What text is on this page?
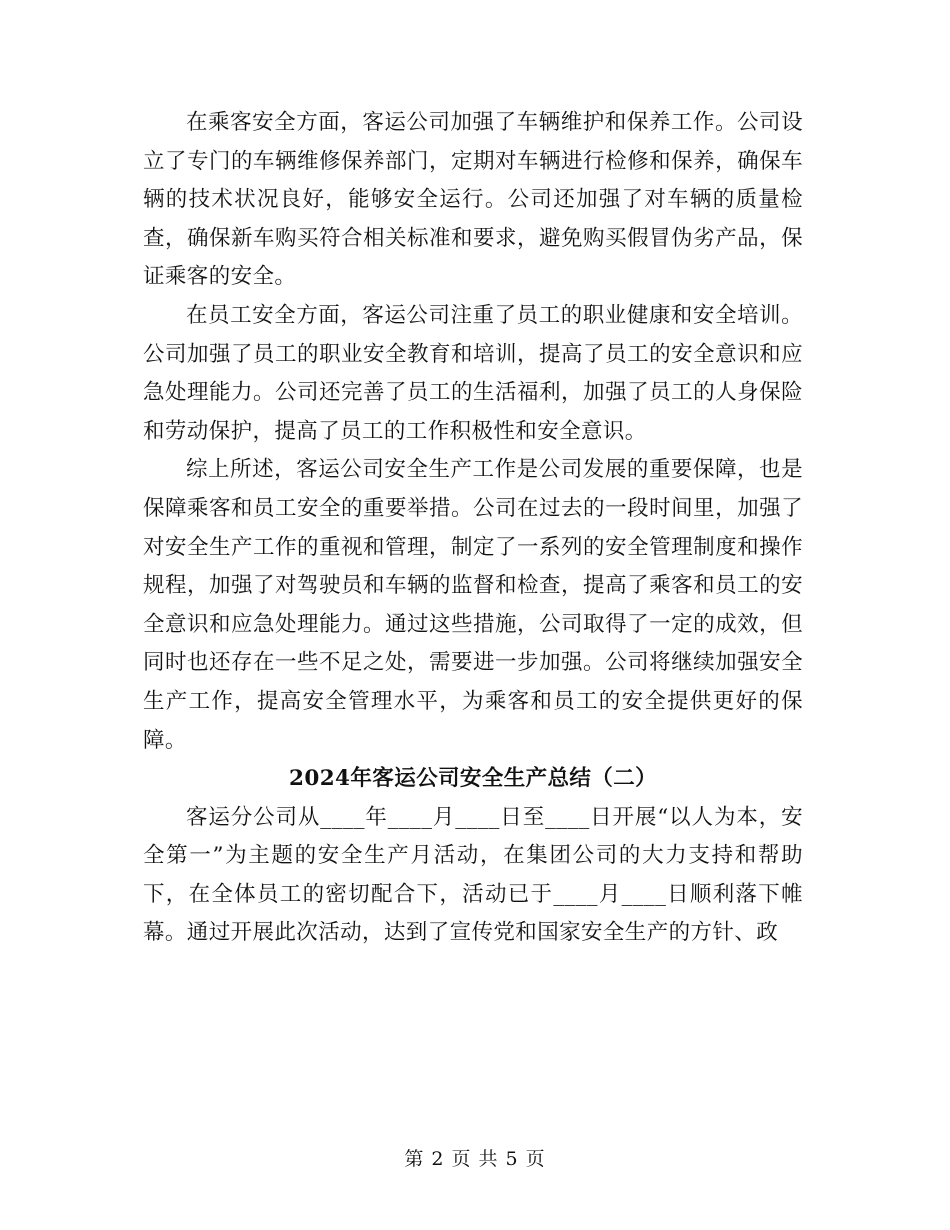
在乘客安全方面，客运公司加强了车辆维护和保养工作。公司设立了专门的车辆维修保养部门，定期对车辆进行检修和保养，确保车辆的技术状况良好，能够安全运行。公司还加强了对车辆的质量检查，确保新车购买符合相关标准和要求，避免购买假冒伪劣产品，保证乘客的安全。

在员工安全方面，客运公司注重了员工的职业健康和安全培训。公司加强了员工的职业安全教育和培训，提高了员工的安全意识和应急处理能力。公司还完善了员工的生活福利，加强了员工的人身保险和劳动保护，提高了员工的工作积极性和安全意识。

综上所述，客运公司安全生产工作是公司发展的重要保障，也是保障乘客和员工安全的重要举措。公司在过去的一段时间里，加强了对安全生产工作的重视和管理，制定了一系列的安全管理制度和操作规程，加强了对驾驶员和车辆的监督和检查，提高了乘客和员工的安全意识和应急处理能力。通过这些措施，公司取得了一定的成效，但同时也还存在一些不足之处，需要进一步加强。公司将继续加强安全生产工作，提高安全管理水平，为乘客和员工的安全提供更好的保障。

2024年客运公司安全生产总结（二）

客运分公司从____年____月____日至____日开展“以人为本，安全第一”为主题的安全生产月活动，在集团公司的大力支持和帮助下，在全体员工的密切配合下，活动已于____月____日顺利落下帷幕。通过开展此次活动，达到了宣传党和国家安全生产的方针、政

第 2 页 共 5 页
